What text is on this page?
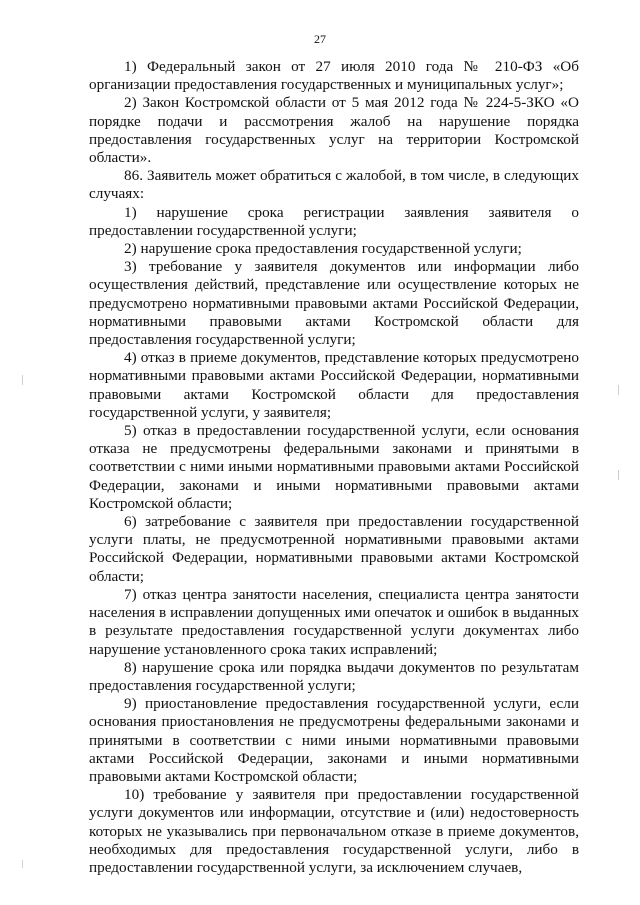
27

1) Федеральный закон от 27 июля 2010 года № 210-ФЗ «Об организации предоставления государственных и муниципальных услуг»;

2) Закон Костромской области от 5 мая 2012 года № 224-5-ЗКО «О порядке подачи и рассмотрения жалоб на нарушение порядка предоставления государственных услуг на территории Костромской области».

86. Заявитель может обратиться с жалобой, в том числе, в следующих случаях:

1) нарушение срока регистрации заявления заявителя о предоставлении государственной услуги;

2) нарушение срока предоставления государственной услуги;

3) требование у заявителя документов или информации либо осуществления действий, представление или осуществление которых не предусмотрено нормативными правовыми актами Российской Федерации, нормативными правовыми актами Костромской области для предоставления государственной услуги;

4) отказ в приеме документов, представление которых предусмотрено нормативными правовыми актами Российской Федерации, нормативными правовыми актами Костромской области для предоставления государственной услуги, у заявителя;

5) отказ в предоставлении государственной услуги, если основания отказа не предусмотрены федеральными законами и принятыми в соответствии с ними иными нормативными правовыми актами Российской Федерации, законами и иными нормативными правовыми актами Костромской области;

6) затребование с заявителя при предоставлении государственной услуги платы, не предусмотренной нормативными правовыми актами Российской Федерации, нормативными правовыми актами Костромской области;

7) отказ центра занятости населения, специалиста центра занятости населения в исправлении допущенных ими опечаток и ошибок в выданных в результате предоставления государственной услуги документах либо нарушение установленного срока таких исправлений;

8) нарушение срока или порядка выдачи документов по результатам предоставления государственной услуги;

9) приостановление предоставления государственной услуги, если основания приостановления не предусмотрены федеральными законами и принятыми в соответствии с ними иными нормативными правовыми актами Российской Федерации, законами и иными нормативными правовыми актами Костромской области;

10) требование у заявителя при предоставлении государственной услуги документов или информации, отсутствие и (или) недостоверность которых не указывались при первоначальном отказе в приеме документов, необходимых для предоставления государственной услуги, либо в предоставлении государственной услуги, за исключением случаев,
